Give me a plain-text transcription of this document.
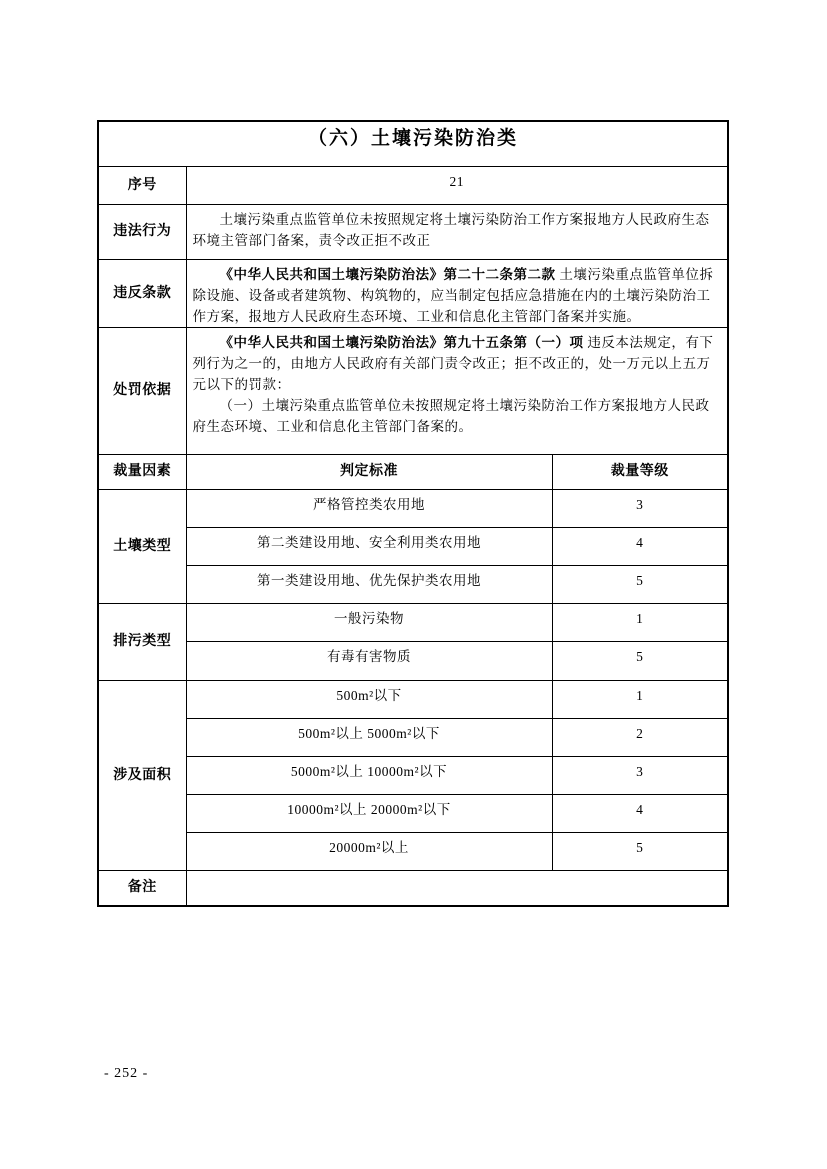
（六）土壤污染防治类		
序号	21	
违法行为	土壤污染重点监管单位未按照规定将土壤污染防治工作方案报地方人民政府生态环境主管部门备案，责令改正拒不改正	

违反条款	《中华人民共和国土壤污染防治法》第二十二条第二款 土壤污染重点监管单位拆除设施、设备或者建筑物、构筑物的，应当制定包括应急措施在内的土壤污染防治工作方案，报地方人民政府生态环境、工业和信息化主管部门备案并实施。	

处罚依据	《中华人民共和国土壤污染防治法》第九十五条第（一）项 违反本法规定，有下列行为之一的，由地方人民政府有关部门责令改正；拒不改正的，处一万元以上五万元以下的罚款：
（一）土壤污染重点监管单位未按照规定将土壤污染防治工作方案报地方人民政府生态环境、工业和信息化主管部门备案的。	

裁量因素	判定标准	裁量等级
土壤类型	严格管控类农用地	3
	第二类建设用地、安全利用类农用地	4
	第一类建设用地、优先保护类农用地	5
排污类型	一般污染物	1
	有毒有害物质	5
涉及面积	500m²以下	1
	500m²以上 5000m²以下	2
	5000m²以上 10000m²以下	3
	10000m²以上 20000m²以下	4
	20000m²以上	5
备注		
- 252 -
